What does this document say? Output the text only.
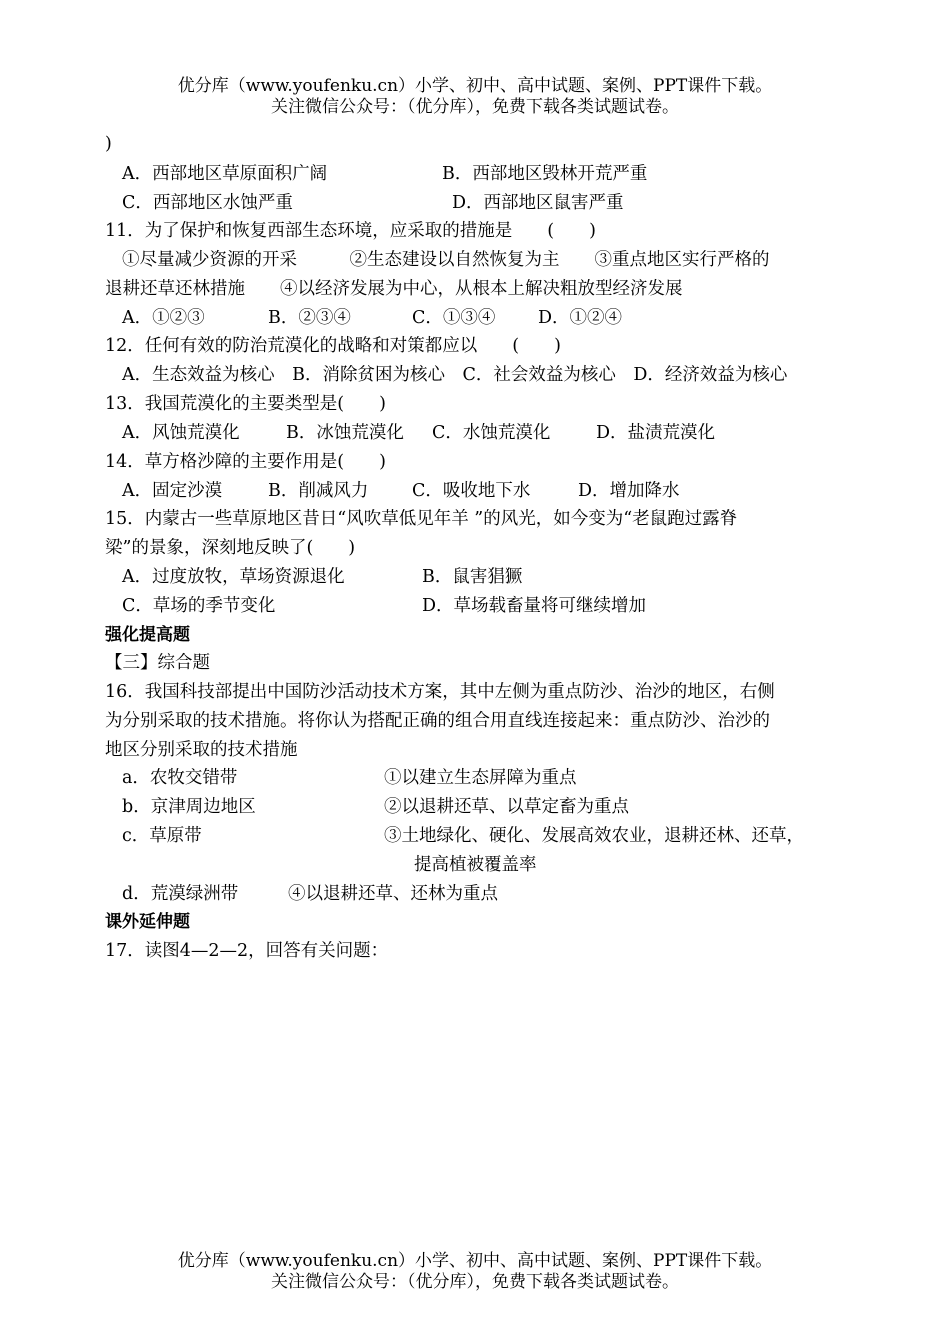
优分库（www.youfenku.cn）小学、初中、高中试题、案例、PPT课件下载。
关注微信公众号：（优分库），免费下载各类试题试卷。
)
A．西部地区草原面积广阔	B．西部地区毁林开荒严重
C．西部地区水蚀严重	D．西部地区鼠害严重
11．为了保护和恢复西部生态环境，应采取的措施是　　(　　)
①尽量减少资源的开采　　　②生态建设以自然恢复为主　　③重点地区实行严格的
退耕还草还林措施　　④以经济发展为中心，从根本上解决粗放型经济发展
A．①②③	B．②③④	C．①③④ D．①②④
12．任何有效的防治荒漠化的战略和对策都应以　　(　　)
A．生态效益为核心　B．消除贫困为核心　C．社会效益为核心　D．经济效益为核心
13．我国荒漠化的主要类型是(　　)
A．风蚀荒漠化	B．冰蚀荒漠化 C．水蚀荒漠化	D．盐渍荒漠化
14．草方格沙障的主要作用是(　　)
A．固定沙漠	B．削减风力 C．吸收地下水	D．增加降水
15．内蒙古一些草原地区昔日“风吹草低见年羊 ”的风光，如今变为“老鼠跑过露脊
梁”的景象，深刻地反映了(　　)
A．过度放牧，草场资源退化	B．鼠害猖獗
C．草场的季节变化	D．草场载畜量将可继续增加
强化提高题
【三】综合题
16．我国科技部提出中国防沙活动技术方案，其中左侧为重点防沙、治沙的地区，右侧
为分别采取的技术措施。将你认为搭配正确的组合用直线连接起来：重点防沙、治沙的
地区分别采取的技术措施
a．农牧交错带	①以建立生态屏障为重点
b．京津周边地区	②以退耕还草、以草定畜为重点
c．草原带	③土地绿化、硬化、发展高效农业，退耕还林、还草，
提高植被覆盖率
d．荒漠绿洲带	④以退耕还草、还林为重点
课外延伸题
17．读图4—2—2，回答有关问题：
优分库（www.youfenku.cn）小学、初中、高中试题、案例、PPT课件下载。
关注微信公众号：（优分库），免费下载各类试题试卷。
